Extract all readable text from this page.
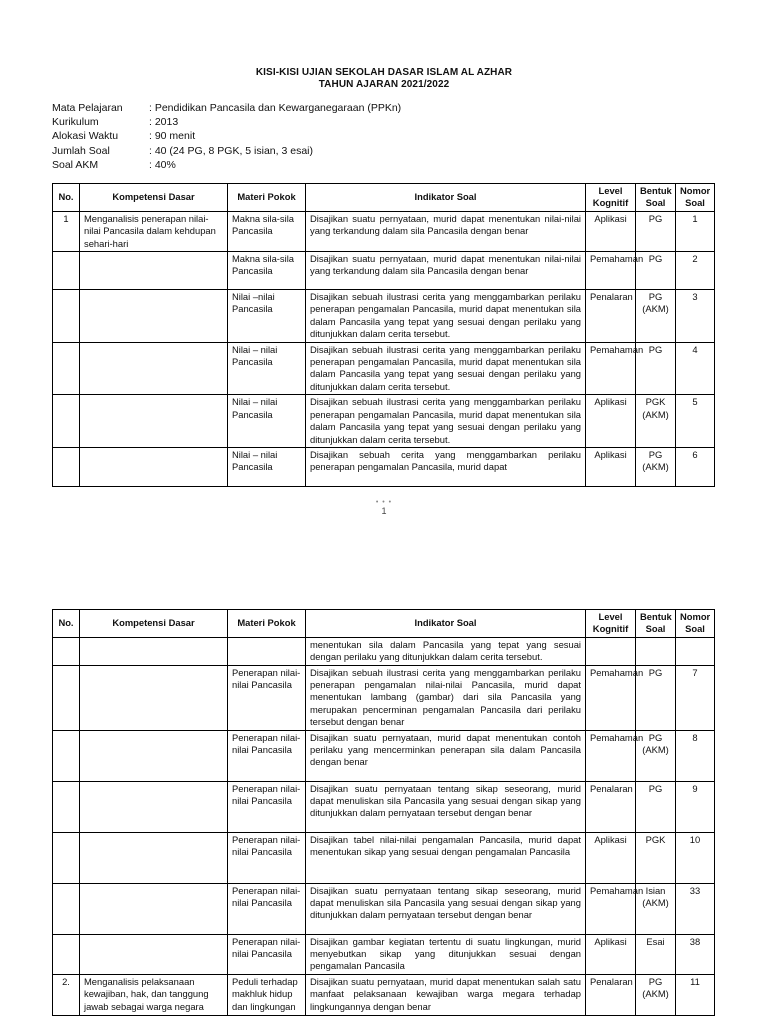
KISI-KISI UJIAN SEKOLAH DASAR ISLAM AL AZHAR
TAHUN AJARAN 2021/2022
Mata Pelajaran	: Pendidikan Pancasila dan Kewarganegaraan (PPKn)
Kurikulum	: 2013
Alokasi Waktu	: 90 menit
Jumlah Soal	: 40 (24 PG, 8 PGK, 5 isian, 3 esai)
Soal AKM	: 40%
No.	Kompetensi Dasar	Materi Pokok	Indikator Soal	Level Kognitif	Bentuk Soal	Nomor Soal
1	Menganalisis penerapan nilai-nilai Pancasila dalam kehdupan sehari-hari	Makna sila-sila Pancasila	Disajikan suatu pernyataan, murid dapat menentukan nilai-nilai yang terkandung dalam sila Pancasila dengan benar	Aplikasi	PG	1
		Makna sila-sila Pancasila	Disajikan suatu pernyataan, murid dapat menentukan nilai-nilai yang terkandung dalam sila Pancasila dengan benar	Pemahaman	PG	2
		Nilai –nilai Pancasila	Disajikan sebuah ilustrasi cerita yang menggambarkan perilaku penerapan pengamalan Pancasila, murid dapat menentukan sila dalam Pancasila yang tepat yang sesuai dengan perilaku yang ditunjukkan dalam cerita tersebut.	Penalaran	PG (AKM)	3
		Nilai – nilai Pancasila	Disajikan sebuah ilustrasi cerita yang menggambarkan perilaku penerapan pengamalan Pancasila, murid dapat menentukan sila dalam Pancasila yang tepat yang sesuai dengan perilaku yang ditunjukkan dalam cerita tersebut.	Pemahaman	PG	4
		Nilai – nilai Pancasila	Disajikan sebuah ilustrasi cerita yang menggambarkan perilaku penerapan pengamalan Pancasila, murid dapat menentukan sila dalam Pancasila yang tepat yang sesuai dengan perilaku yang ditunjukkan dalam cerita tersebut.	Aplikasi	PGK (AKM)	5
		Nilai – nilai Pancasila	Disajikan sebuah cerita yang menggambarkan perilaku penerapan pengamalan Pancasila, murid dapat	Aplikasi	PG (AKM)	6
• • •
1
No.	Kompetensi Dasar	Materi Pokok	Indikator Soal	Level Kognitif	Bentuk Soal	Nomor Soal
			menentukan sila dalam Pancasila yang tepat yang sesuai dengan perilaku yang ditunjukkan dalam cerita tersebut.			
		Penerapan nilai-nilai Pancasila	Disajikan sebuah ilustrasi cerita yang menggambarkan perilaku penerapan pengamalan nilai-nilai Pancasila, murid dapat menentukan lambang (gambar) dari sila Pancasila yang merupakan pencerminan pengamalan Pancasila dari perilaku tersebut dengan benar	Pemahaman	PG	7
		Penerapan nilai-nilai Pancasila	Disajikan suatu pernyataan, murid dapat menentukan contoh perilaku yang mencerminkan penerapan sila dalam Pancasila dengan benar	Pemahaman	PG (AKM)	8
		Penerapan nilai-nilai Pancasila	Disajikan suatu pernyataan tentang sikap seseorang, murid dapat menuliskan sila Pancasila yang sesuai dengan sikap yang ditunjukkan dalam pernyataan tersebut dengan benar	Penalaran	PG	9
		Penerapan nilai-nilai Pancasila	Disajikan tabel nilai-nilai pengamalan Pancasila, murid dapat menentukan sikap yang sesuai dengan pengamalan Pancasila	Aplikasi	PGK	10
		Penerapan nilai-nilai Pancasila	Disajikan suatu pernyataan tentang sikap seseorang, murid dapat menuliskan sila Pancasila yang sesuai dengan sikap yang ditunjukkan dalam pernyataan tersebut dengan benar	Pemahaman	Isian (AKM)	33
		Penerapan nilai-nilai Pancasila	Disajikan gambar kegiatan tertentu di suatu lingkungan, murid menyebutkan sikap yang ditunjukkan sesuai dengan pengamalan Pancasila	Aplikasi	Esai	38
2.	Menganalisis pelaksanaan kewajiban, hak, dan tanggung jawab sebagai warga negara	Peduli terhadap makhluk hidup dan lingkungan	Disajikan suatu pernyataan, murid dapat menentukan salah satu manfaat pelaksanaan kewajiban warga megara terhadap lingkungannya dengan benar	Penalaran	PG (AKM)	11
